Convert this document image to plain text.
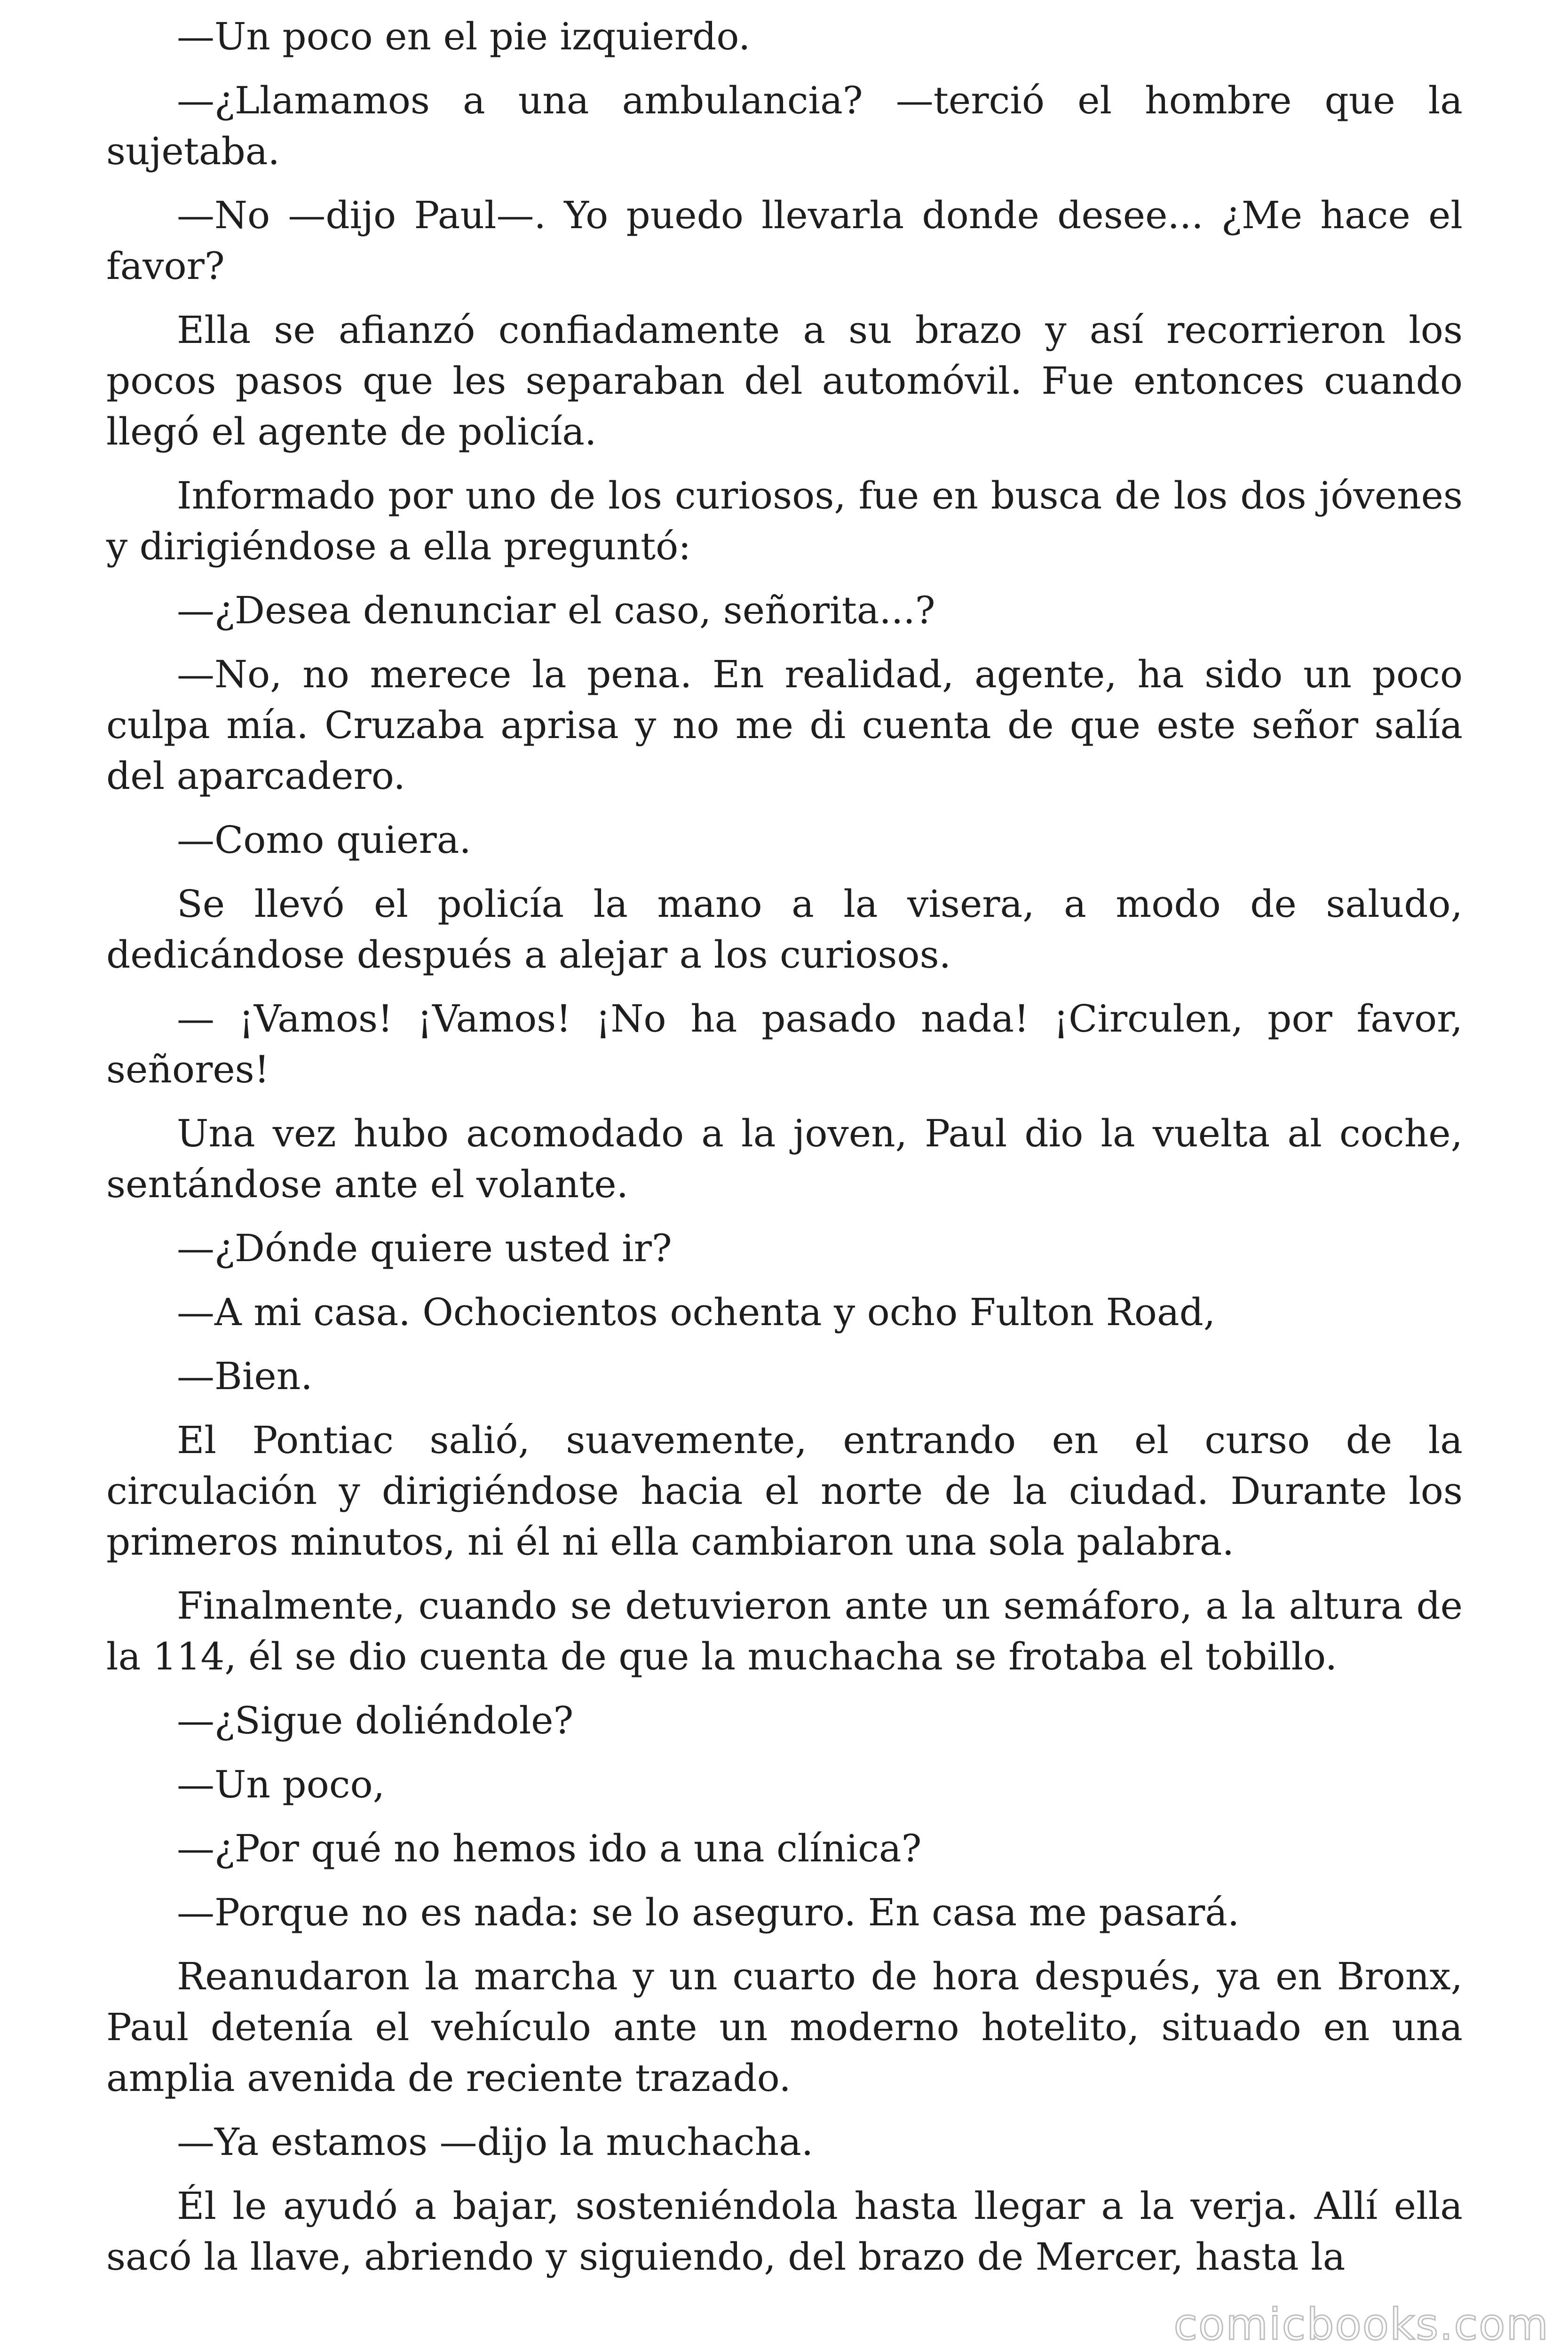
—Un poco en el pie izquierdo.

—¿Llamamos a una ambulancia? —terció el hombre que la sujetaba.

—No —dijo Paul—. Yo puedo llevarla donde desee... ¿Me hace el favor?

Ella se afianzó confiadamente a su brazo y así recorrieron los pocos pasos que les separaban del automóvil. Fue entonces cuando llegó el agente de policía.

Informado por uno de los curiosos, fue en busca de los dos jóvenes y dirigiéndose a ella preguntó:

—¿Desea denunciar el caso, señorita...?

—No, no merece la pena. En realidad, agente, ha sido un poco culpa mía. Cruzaba aprisa y no me di cuenta de que este señor salía del aparcadero.

—Como quiera.

Se llevó el policía la mano a la visera, a modo de saludo, dedicándose después a alejar a los curiosos.

— ¡Vamos! ¡Vamos! ¡No ha pasado nada! ¡Circulen, por favor, señores!

Una vez hubo acomodado a la joven, Paul dio la vuelta al coche, sentándose ante el volante.

—¿Dónde quiere usted ir?

—A mi casa. Ochocientos ochenta y ocho Fulton Road,

—Bien.

El Pontiac salió, suavemente, entrando en el curso de la circulación y dirigiéndose hacia el norte de la ciudad. Durante los primeros minutos, ni él ni ella cambiaron una sola palabra.

Finalmente, cuando se detuvieron ante un semáforo, a la altura de la 114, él se dio cuenta de que la muchacha se frotaba el tobillo.

—¿Sigue doliéndole?

—Un poco,

—¿Por qué no hemos ido a una clínica?

—Porque no es nada: se lo aseguro. En casa me pasará.

Reanudaron la marcha y un cuarto de hora después, ya en Bronx, Paul detenía el vehículo ante un moderno hotelito, situado en una amplia avenida de reciente trazado.

—Ya estamos —dijo la muchacha.

Él le ayudó a bajar, sosteniéndola hasta llegar a la verja. Allí ella sacó la llave, abriendo y siguiendo, del brazo de Mercer, hasta la

comicbooks.com
